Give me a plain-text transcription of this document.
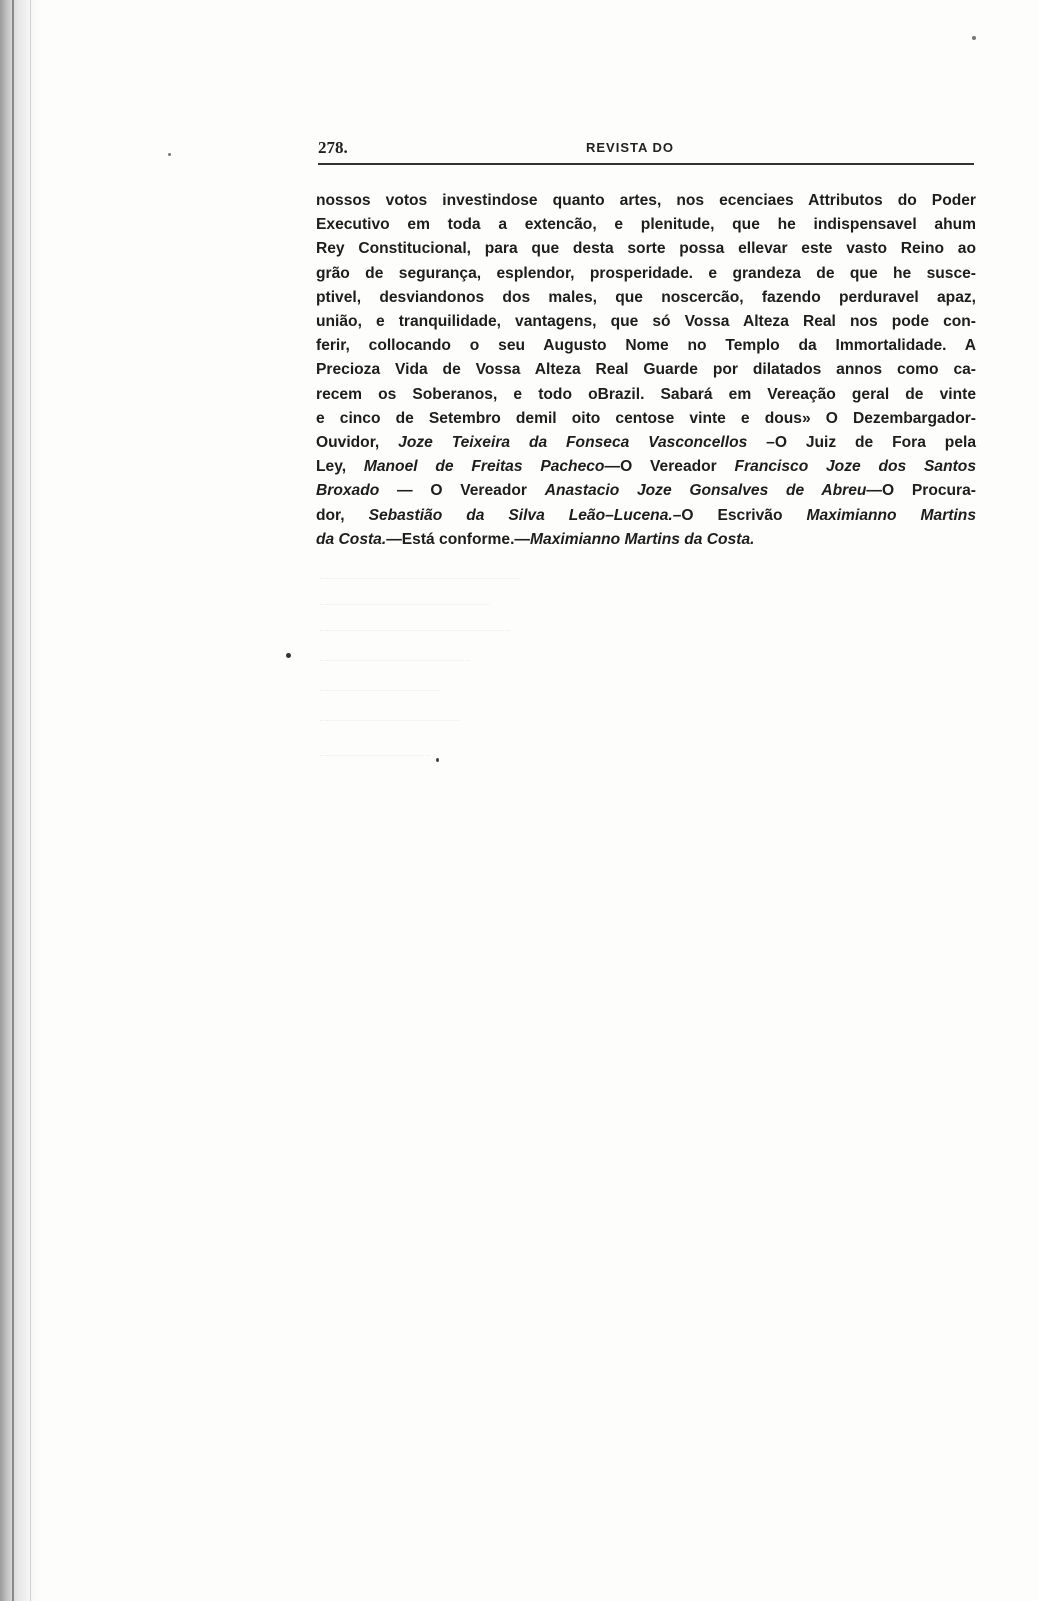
278.	REVISTA DO
nossos votos investindose quanto artes, nos ecenciaes Attributos do Poder
Executivo em toda a extencão, e plenitude, que he indispensavel ahum
Rey Constitucional, para que desta sorte possa ellevar este vasto Reino ao
grão de segurança, esplendor, prosperidade. e grandeza de que he susce-
ptivel, desviandonos dos males, que noscercão, fazendo perduravel apaz,
união, e tranquilidade, vantagens, que só Vossa Alteza Real nos pode con-
ferir, collocando o seu Augusto Nome no Templo da Immortalidade. A
Precioza Vida de Vossa Alteza Real Guarde por dilatados annos como ca-
recem os Soberanos, e todo oBrazil. Sabará em Vereação geral de vinte
e cinco de Setembro demil oito centose vinte e dous» O Dezembargador-
Ouvidor, Joze Teixeira da Fonseca Vasconcellos –O Juiz de Fora pela
Ley, Manoel de Freitas Pacheco—O Vereador Francisco Joze dos Santos
Broxado — O Vereador Anastacio Joze Gonsalves de Abreu—O Procura-
dor, Sebastião da Silva Leão–Lucena.–O Escrivão Maximianno Martins
da Costa.—Está conforme.—Maximianno Martins da Costa.
